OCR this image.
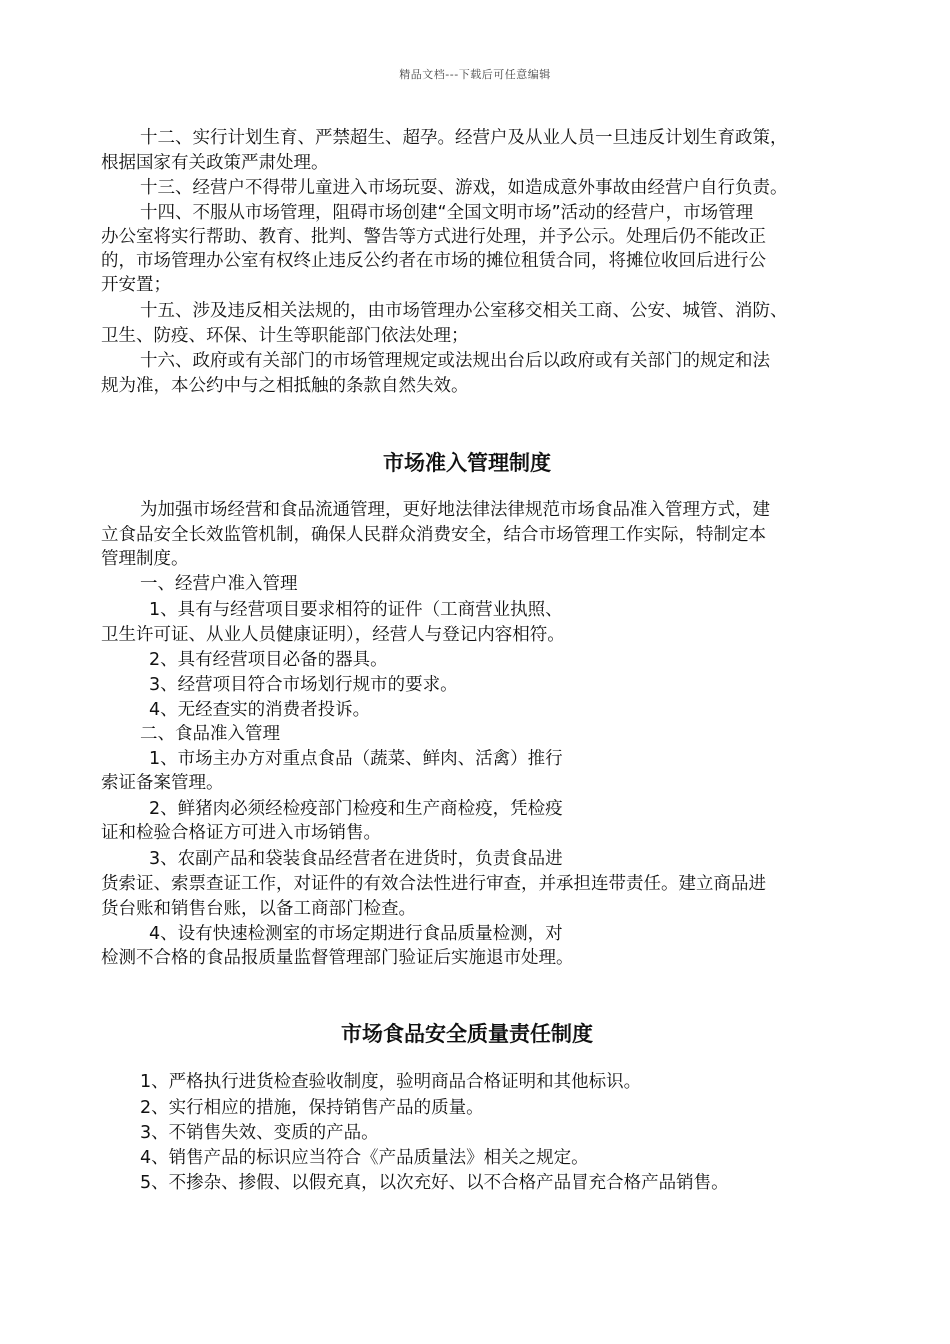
精品文档---下载后可任意编辑
十二、实行计划生育、严禁超生、超孕。经营户及从业人员一旦违反计划生育政策，
根据国家有关政策严肃处理。
十三、经营户不得带儿童进入市场玩耍、游戏，如造成意外事故由经营户自行负责。
十四、不服从市场管理，阻碍市场创建“全国文明市场”活动的经营户，市场管理
办公室将实行帮助、教育、批判、警告等方式进行处理，并予公示。处理后仍不能改正
的，市场管理办公室有权终止违反公约者在市场的摊位租赁合同，将摊位收回后进行公
开安置；
十五、涉及违反相关法规的，由市场管理办公室移交相关工商、公安、城管、消防、
卫生、防疫、环保、计生等职能部门依法处理；
十六、政府或有关部门的市场管理规定或法规出台后以政府或有关部门的规定和法
规为准，本公约中与之相抵触的条款自然失效。
市场准入管理制度
为加强市场经营和食品流通管理，更好地法律法律规范市场食品准入管理方式，建
立食品安全长效监管机制，确保人民群众消费安全，结合市场管理工作实际，特制定本
管理制度。
一、经营户准入管理
1、具有与经营项目要求相符的证件（工商营业执照、
卫生许可证、从业人员健康证明），经营人与登记内容相符。
2、具有经营项目必备的器具。
3、经营项目符合市场划行规市的要求。
4、无经查实的消费者投诉。
二、食品准入管理
1、市场主办方对重点食品（蔬菜、鲜肉、活禽）推行
索证备案管理。
2、鲜猪肉必须经检疫部门检疫和生产商检疫，凭检疫
证和检验合格证方可进入市场销售。
3、农副产品和袋装食品经营者在进货时，负责食品进
货索证、索票查证工作，对证件的有效合法性进行审查，并承担连带责任。建立商品进
货台账和销售台账，以备工商部门检查。
4、设有快速检测室的市场定期进行食品质量检测，对
检测不合格的食品报质量监督管理部门验证后实施退市处理。
市场食品安全质量责任制度
1、严格执行进货检查验收制度，验明商品合格证明和其他标识。
2、实行相应的措施，保持销售产品的质量。
3、不销售失效、变质的产品。
4、销售产品的标识应当符合《产品质量法》相关之规定。
5、不掺杂、掺假、以假充真，以次充好、以不合格产品冒充合格产品销售。
